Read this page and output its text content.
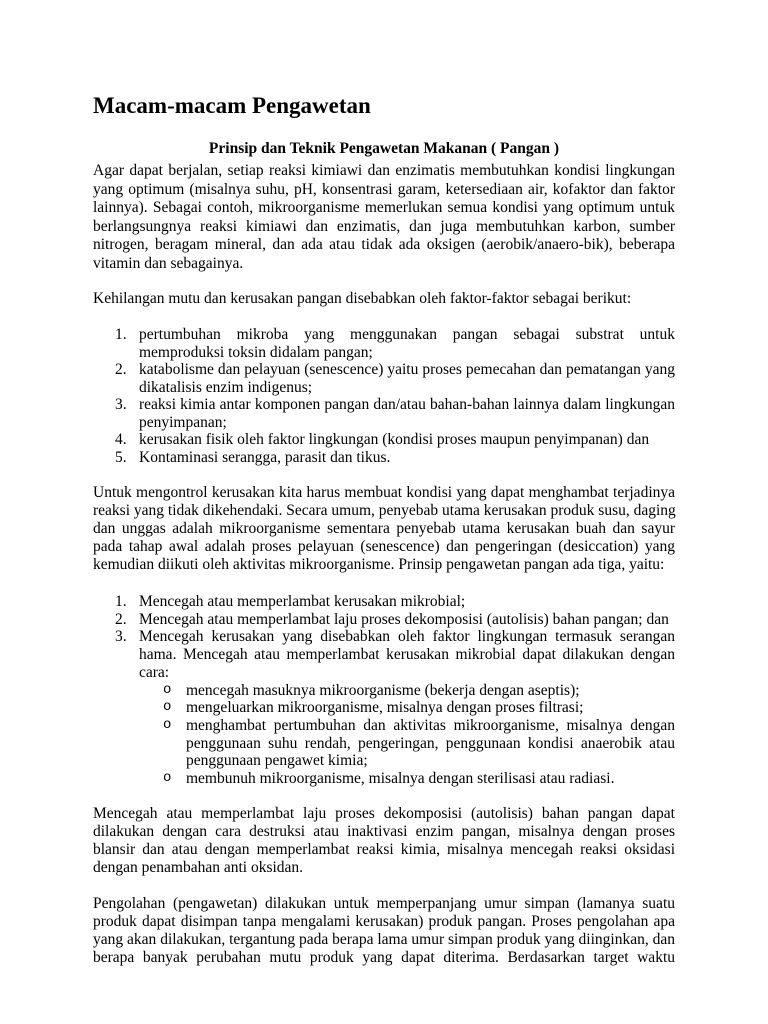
Macam-macam Pengawetan
Prinsip dan Teknik Pengawetan Makanan ( Pangan )
Agar dapat berjalan, setiap reaksi kimiawi dan enzimatis membutuhkan kondisi lingkungan
yang optimum (misalnya suhu, pH, konsentrasi garam, ketersediaan air, kofaktor dan faktor
lainnya). Sebagai contoh, mikroorganisme memerlukan semua kondisi yang optimum untuk
berlangsungnya reaksi kimiawi dan enzimatis, dan juga membutuhkan karbon, sumber
nitrogen, beragam mineral, dan ada atau tidak ada oksigen (aerobik/anaero-bik), beberapa
vitamin dan sebagainya.
Kehilangan mutu dan kerusakan pangan disebabkan oleh faktor-faktor sebagai berikut:
1. pertumbuhan mikroba yang menggunakan pangan sebagai substrat untuk
memproduksi toksin didalam pangan;
2. katabolisme dan pelayuan (senescence) yaitu proses pemecahan dan pematangan yang
dikatalisis enzim indigenus;
3. reaksi kimia antar komponen pangan dan/atau bahan-bahan lainnya dalam lingkungan
penyimpanan;
4. kerusakan fisik oleh faktor lingkungan (kondisi proses maupun penyimpanan) dan
5. Kontaminasi serangga, parasit dan tikus.
Untuk mengontrol kerusakan kita harus membuat kondisi yang dapat menghambat terjadinya
reaksi yang tidak dikehendaki. Secara umum, penyebab utama kerusakan produk susu, daging
dan unggas adalah mikroorganisme sementara penyebab utama kerusakan buah dan sayur
pada tahap awal adalah proses pelayuan (senescence) dan pengeringan (desiccation) yang
kemudian diikuti oleh aktivitas mikroorganisme. Prinsip pengawetan pangan ada tiga, yaitu:
1. Mencegah atau memperlambat kerusakan mikrobial;
2. Mencegah atau memperlambat laju proses dekomposisi (autolisis) bahan pangan; dan
3. Mencegah kerusakan yang disebabkan oleh faktor lingkungan termasuk serangan
hama. Mencegah atau memperlambat kerusakan mikrobial dapat dilakukan dengan
cara:
o mencegah masuknya mikroorganisme (bekerja dengan aseptis);
o mengeluarkan mikroorganisme, misalnya dengan proses filtrasi;
o menghambat pertumbuhan dan aktivitas mikroorganisme, misalnya dengan
penggunaan suhu rendah, pengeringan, penggunaan kondisi anaerobik atau
penggunaan pengawet kimia;
o membunuh mikroorganisme, misalnya dengan sterilisasi atau radiasi.
Mencegah atau memperlambat laju proses dekomposisi (autolisis) bahan pangan dapat
dilakukan dengan cara destruksi atau inaktivasi enzim pangan, misalnya dengan proses
blansir dan atau dengan memperlambat reaksi kimia, misalnya mencegah reaksi oksidasi
dengan penambahan anti oksidan.
Pengolahan (pengawetan) dilakukan untuk memperpanjang umur simpan (lamanya suatu
produk dapat disimpan tanpa mengalami kerusakan) produk pangan. Proses pengolahan apa
yang akan dilakukan, tergantung pada berapa lama umur simpan produk yang diinginkan, dan
berapa banyak perubahan mutu produk yang dapat diterima. Berdasarkan target waktu
